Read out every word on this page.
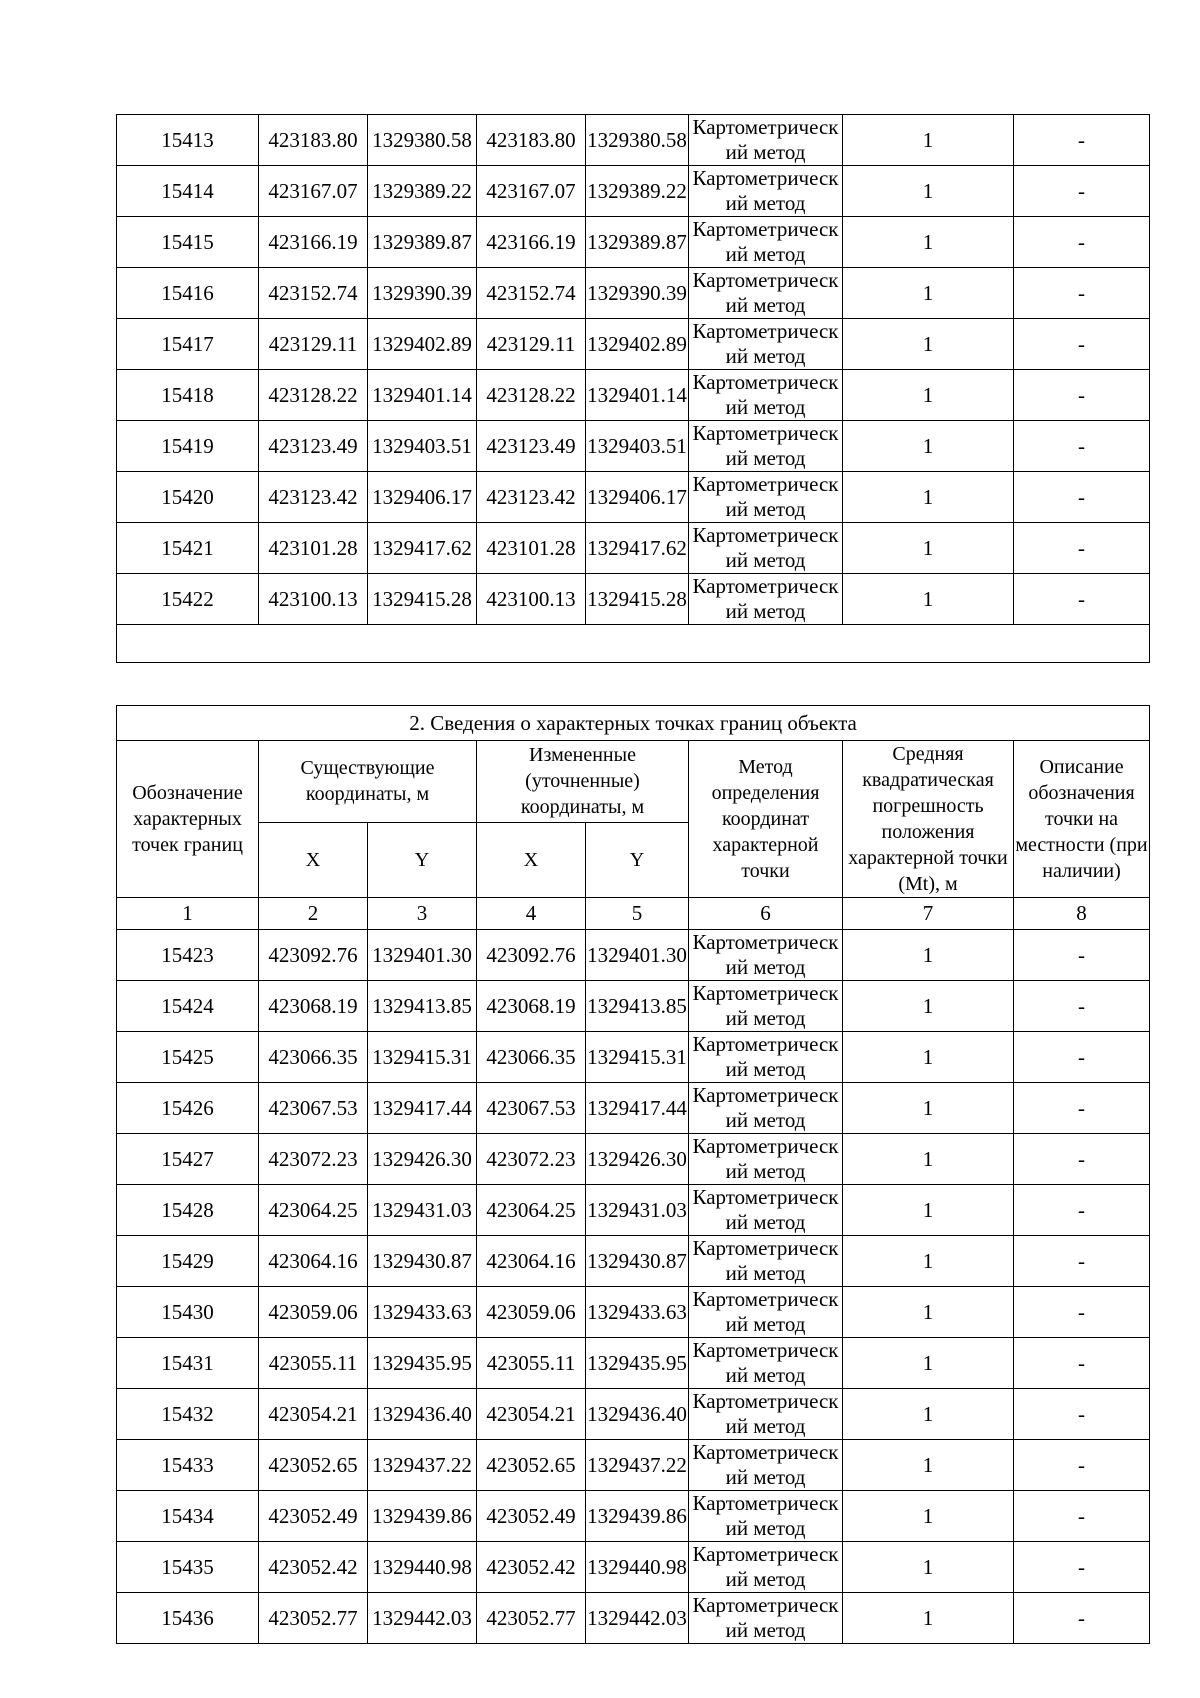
15413	423183.80	1329380.58	423183.80	1329380.58	Картометрический метод	1	-
15414	423167.07	1329389.22	423167.07	1329389.22	Картометрический метод	1	-
15415	423166.19	1329389.87	423166.19	1329389.87	Картометрический метод	1	-
15416	423152.74	1329390.39	423152.74	1329390.39	Картометрический метод	1	-
15417	423129.11	1329402.89	423129.11	1329402.89	Картометрический метод	1	-
15418	423128.22	1329401.14	423128.22	1329401.14	Картометрический метод	1	-
15419	423123.49	1329403.51	423123.49	1329403.51	Картометрический метод	1	-
15420	423123.42	1329406.17	423123.42	1329406.17	Картометрический метод	1	-
15421	423101.28	1329417.62	423101.28	1329417.62	Картометрический метод	1	-
15422	423100.13	1329415.28	423100.13	1329415.28	Картометрический метод	1	-

2. Сведения о характерных точках границ объекта							
Обозначение характерных точек границ	Существующие координаты, м		Измененные (уточненные) координаты, м		Метод определения координат характерной точки	Средняя квадратическая погрешность положения характерной точки (Mt), м	Описание обозначения точки на местности (при наличии)
	X	Y	X	Y			
1	2	3	4	5	6	7	8
15423	423092.76	1329401.30	423092.76	1329401.30	Картометрический метод	1	-
15424	423068.19	1329413.85	423068.19	1329413.85	Картометрический метод	1	-
15425	423066.35	1329415.31	423066.35	1329415.31	Картометрический метод	1	-
15426	423067.53	1329417.44	423067.53	1329417.44	Картометрический метод	1	-
15427	423072.23	1329426.30	423072.23	1329426.30	Картометрический метод	1	-
15428	423064.25	1329431.03	423064.25	1329431.03	Картометрический метод	1	-
15429	423064.16	1329430.87	423064.16	1329430.87	Картометрический метод	1	-
15430	423059.06	1329433.63	423059.06	1329433.63	Картометрический метод	1	-
15431	423055.11	1329435.95	423055.11	1329435.95	Картометрический метод	1	-
15432	423054.21	1329436.40	423054.21	1329436.40	Картометрический метод	1	-
15433	423052.65	1329437.22	423052.65	1329437.22	Картометрический метод	1	-
15434	423052.49	1329439.86	423052.49	1329439.86	Картометрический метод	1	-
15435	423052.42	1329440.98	423052.42	1329440.98	Картометрический метод	1	-
15436	423052.77	1329442.03	423052.77	1329442.03	Картометрический метод	1	-
